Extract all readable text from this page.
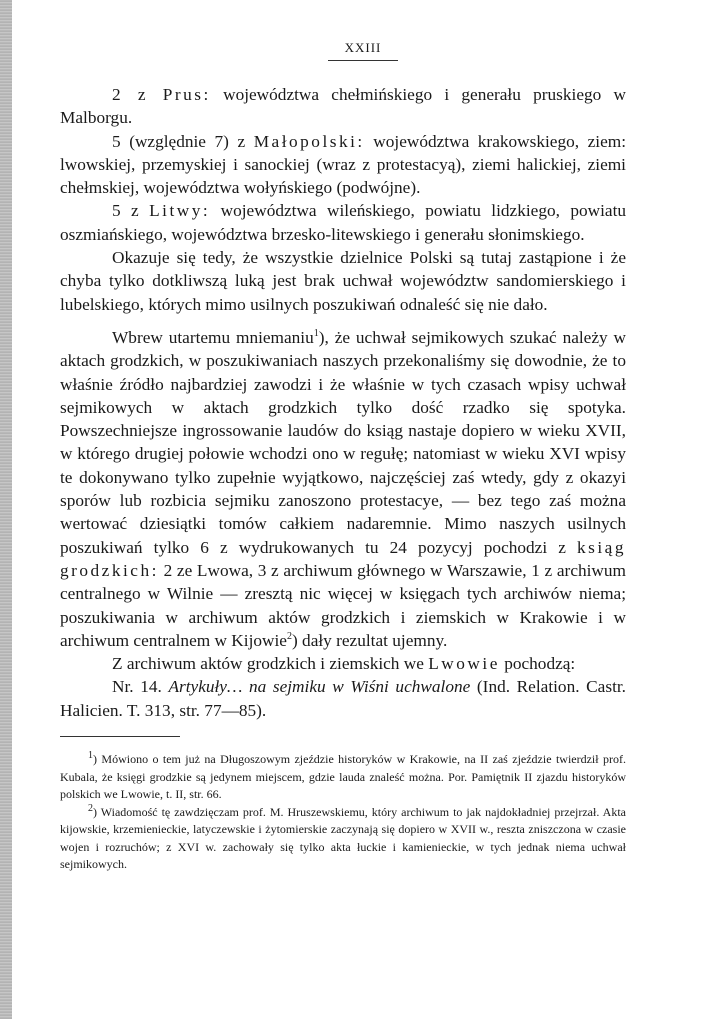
XXIII

2 z Prus: województwa chełmińskiego i generału pruskiego w Malborgu.

5 (względnie 7) z Małopolski: województwa krakowskiego, ziem: lwowskiej, przemyskiej i sanockiej (wraz z protestacyą), ziemi halickiej, ziemi chełmskiej, województwa wołyńskiego (podwójne).

5 z Litwy: województwa wileńskiego, powiatu lidzkiego, powiatu oszmiańskiego, województwa brzesko-litewskiego i generału słonimskiego.

Okazuje się tedy, że wszystkie dzielnice Polski są tutaj zastąpione i że chyba tylko dotkliwszą luką jest brak uchwał województw sandomierskiego i lubelskiego, których mimo usilnych poszukiwań odnaleść się nie dało.

Wbrew utartemu mniemaniu$^1$), że uchwał sejmikowych szukać należy w aktach grodzkich, w poszukiwaniach naszych przekonaliśmy się dowodnie, że to właśnie źródło najbardziej zawodzi i że właśnie w tych czasach wpisy uchwał sejmikowych w aktach grodzkich tylko dość rzadko się spotyka. Powszechniejsze ingrossowanie laudów do ksiąg nastaje dopiero w wieku XVII, w którego drugiej połowie wchodzi ono w regułę; natomiast w wieku XVI wpisy te dokonywano tylko zupełnie wyjątkowo, najczęściej zaś wtedy, gdy z okazyi sporów lub rozbicia sejmiku zanoszono protestacye, — bez tego zaś można wertować dziesiątki tomów całkiem nadaremnie. Mimo naszych usilnych poszukiwań tylko 6 z wydrukowanych tu 24 pozycyj pochodzi z ksiąg grodzkich: 2 ze Lwowa, 3 z archiwum głównego w Warszawie, 1 z archiwum centralnego w Wilnie — zresztą nic więcej w księgach tych archiwów niema; poszukiwania w archiwum aktów grodzkich i ziemskich w Krakowie i w archiwum centralnem w Kijowie$^2$) dały rezultat ujemny.

Z archiwum aktów grodzkich i ziemskich we Lwowie pochodzą:

Nr. 14. Artykuły… na sejmiku w Wiśni uchwalone (Ind. Relation. Castr. Halicien. T. 313, str. 77—85).

$^1$) Mówiono o tem już na Długoszowym zjeździe historyków w Krakowie, na II zaś zjeździe twierdził prof. Kubala, że księgi grodzkie są jedynem miejscem, gdzie lauda znaleść można. Por. Pamiętnik II zjazdu historyków polskich we Lwowie, t. II, str. 66.

$^2$) Wiadomość tę zawdzięczam prof. M. Hruszewskiemu, który archiwum to jak najdokładniej przejrzał. Akta kijowskie, krzemienieckie, latyczewskie i żytomierskie zaczynają się dopiero w XVII w., reszta zniszczona w czasie wojen i rozruchów; z XVI w. zachowały się tylko akta łuckie i kamienieckie, w tych jednak niema uchwał sejmikowych.
